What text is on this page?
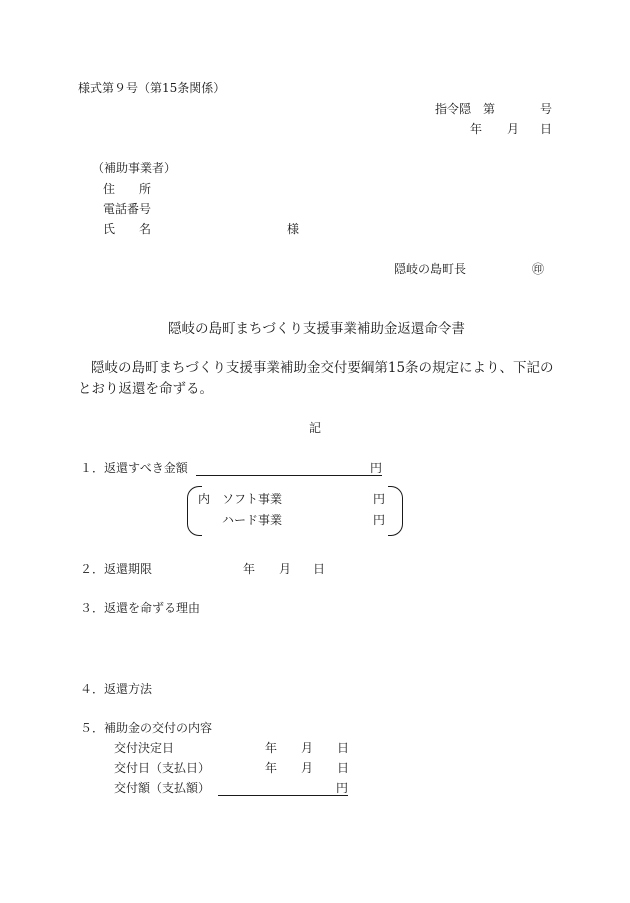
様式第９号（第15条関係）
指令隠　第	号
年 月 日
（補助事業者）
住　　所
電話番号
氏　　名	様
隠岐の島町長	㊞
隠岐の島町まちづくり支援事業補助金返還命令書
隠岐の島町まちづくり支援事業補助金交付要綱第15条の規定により、下記の
とおり返還を命ずる。
記
１．返還すべき金額	円
内 ソフト事業	円
ハード事業	円
２．返還期限	年 月 日
３．返還を命ずる理由
４．返還方法
５．補助金の交付の内容
交付決定日	年 月 日
交付日（支払日）	年 月 日
交付額（支払額）	円
